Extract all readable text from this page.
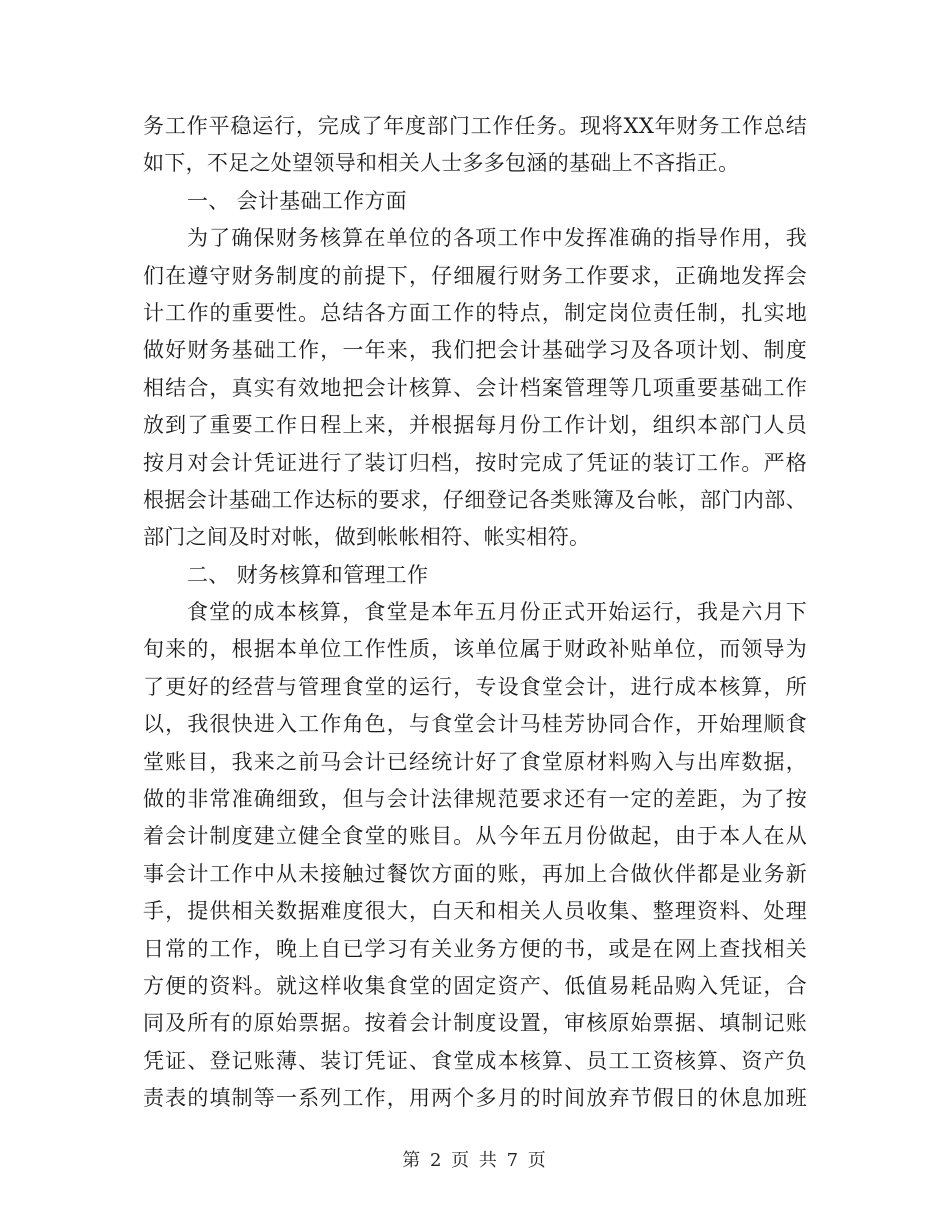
务工作平稳运行，完成了年度部门工作任务。现将XX年财务工作总结
如下，不足之处望领导和相关人士多多包涵的基础上不吝指正。
一、 会计基础工作方面
为了确保财务核算在单位的各项工作中发挥准确的指导作用，我
们在遵守财务制度的前提下，仔细履行财务工作要求，正确地发挥会
计工作的重要性。总结各方面工作的特点，制定岗位责任制，扎实地
做好财务基础工作，一年来，我们把会计基础学习及各项计划、制度
相结合，真实有效地把会计核算、会计档案管理等几项重要基础工作
放到了重要工作日程上来，并根据每月份工作计划，组织本部门人员
按月对会计凭证进行了装订归档，按时完成了凭证的装订工作。严格
根据会计基础工作达标的要求，仔细登记各类账簿及台帐，部门内部、
部门之间及时对帐，做到帐帐相符、帐实相符。
二、 财务核算和管理工作
食堂的成本核算，食堂是本年五月份正式开始运行，我是六月下
旬来的，根据本单位工作性质，该单位属于财政补贴单位，而领导为
了更好的经营与管理食堂的运行，专设食堂会计，进行成本核算，所
以，我很快进入工作角色，与食堂会计马桂芳协同合作，开始理顺食
堂账目，我来之前马会计已经统计好了食堂原材料购入与出库数据，
做的非常准确细致，但与会计法律规范要求还有一定的差距，为了按
着会计制度建立健全食堂的账目。从今年五月份做起，由于本人在从
事会计工作中从未接触过餐饮方面的账，再加上合做伙伴都是业务新
手，提供相关数据难度很大，白天和相关人员收集、整理资料、处理
日常的工作，晚上自已学习有关业务方便的书，或是在网上查找相关
方便的资料。就这样收集食堂的固定资产、低值易耗品购入凭证，合
同及所有的原始票据。按着会计制度设置，审核原始票据、填制记账
凭证、登记账薄、装订凭证、食堂成本核算、员工工资核算、资产负
责表的填制等一系列工作，用两个多月的时间放弃节假日的休息加班
第 2 页 共 7 页
